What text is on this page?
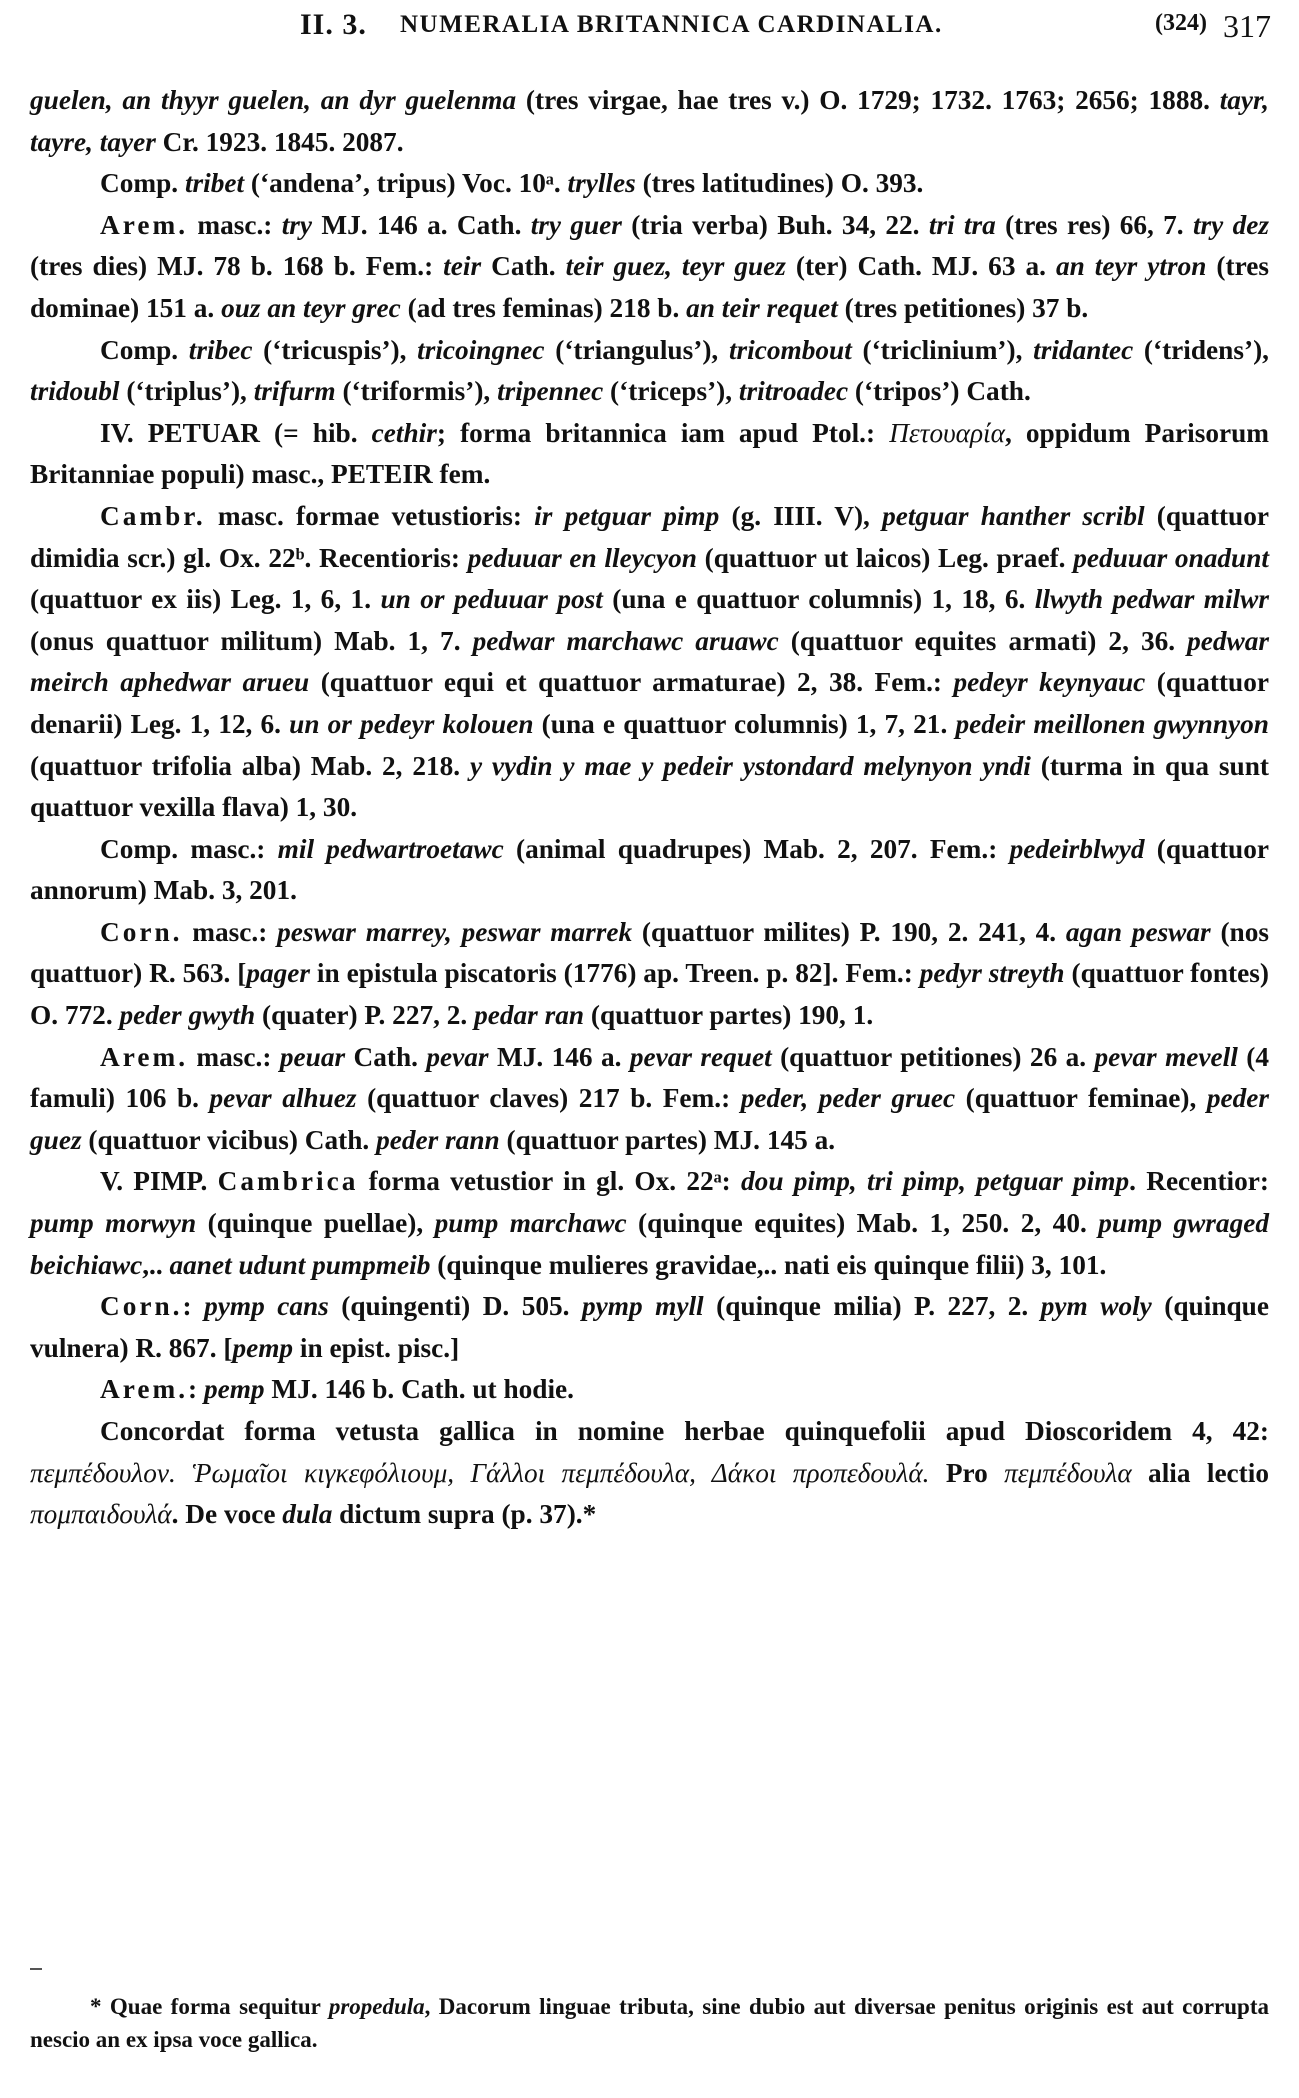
II. 3. NUMERALIA BRITANNICA CARDINALIA.	(324) 317

guelen, an thyyr guelen, an dyr guelenma (tres virgae, hae tres v.) O. 1729; 1732. 1763; 2656; 1888. tayr, tayre, tayer Cr. 1923. 1845. 2087.

Comp. tribet (‘andena’, tripus) Voc. 10ᵃ. trylles (tres latitudines) O. 393.

Arem. masc.: try MJ. 146 a. Cath. try guer (tria verba) Buh. 34, 22. tri tra (tres res) 66, 7. try dez (tres dies) MJ. 78 b. 168 b. Fem.: teir Cath. teir guez, teyr guez (ter) Cath. MJ. 63 a. an teyr ytron (tres dominae) 151 a. ouz an teyr grec (ad tres feminas) 218 b. an teir requet (tres petitiones) 37 b.

Comp. tribec (‘tricuspis’), tricoingnec (‘triangulus’), tricombout (‘triclinium’), tridantec (‘tridens’), tridoubl (‘triplus’), trifurm (‘triformis’), tripennec (‘triceps’), tritroadec (‘tripos’) Cath.

IV. PETUAR (= hib. cethir; forma britannica iam apud Ptol.: Πετουαρία, oppidum Parisorum Britanniae populi) masc., PETEIR fem.

Cambr. masc. formae vetustioris: ir petguar pimp (g. IIII. V), petguar hanther scribl (quattuor dimidia scr.) gl. Ox. 22ᵇ. Recentioris: peduuar en lleycyon (quattuor ut laicos) Leg. praef. peduuar onadunt (quattuor ex iis) Leg. 1, 6, 1. un or peduuar post (una e quattuor columnis) 1, 18, 6. llwyth pedwar milwr (onus quattuor militum) Mab. 1, 7. pedwar marchawc aruawc (quattuor equites armati) 2, 36. pedwar meirch aphedwar arueu (quattuor equi et quattuor armaturae) 2, 38. Fem.: pedeyr keynyauc (quattuor denarii) Leg. 1, 12, 6. un or pedeyr kolouen (una e quattuor columnis) 1, 7, 21. pedeir meillonen gwynnyon (quattuor trifolia alba) Mab. 2, 218. y vydin y mae y pedeir ystondard melynyon yndi (turma in qua sunt quattuor vexilla flava) 1, 30.

Comp. masc.: mil pedwartroetawc (animal quadrupes) Mab. 2, 207. Fem.: pedeirblwyd (quattuor annorum) Mab. 3, 201.

Corn. masc.: peswar marrey, peswar marrek (quattuor milites) P. 190, 2. 241, 4. agan peswar (nos quattuor) R. 563. [pager in epistula piscatoris (1776) ap. Treen. p. 82]. Fem.: pedyr streyth (quattuor fontes) O. 772. peder gwyth (quater) P. 227, 2. pedar ran (quattuor partes) 190, 1.

Arem. masc.: peuar Cath. pevar MJ. 146 a. pevar requet (quattuor petitiones) 26 a. pevar mevell (4 famuli) 106 b. pevar alhuez (quattuor claves) 217 b. Fem.: peder, peder gruec (quattuor feminae), peder guez (quattuor vicibus) Cath. peder rann (quattuor partes) MJ. 145 a.

V. PIMP. Cambrica forma vetustior in gl. Ox. 22ᵃ: dou pimp, tri pimp, petguar pimp. Recentior: pump morwyn (quinque puellae), pump marchawc (quinque equites) Mab. 1, 250. 2, 40. pump gwraged beichiawc,.. aanet udunt pumpmeib (quinque mulieres gravidae,.. nati eis quinque filii) 3, 101.

Corn.: pymp cans (quingenti) D. 505. pymp myll (quinque milia) P. 227, 2. pym woly (quinque vulnera) R. 867. [pemp in epist. pisc.]

Arem.: pemp MJ. 146 b. Cath. ut hodie.

Concordat forma vetusta gallica in nomine herbae quinquefolii apud Dioscoridem 4, 42: πεμπέδουλον. Ῥωμαῖοι κιγκεφόλιουμ, Γάλλοι πεμπέδουλα, Δάκοι προπεδουλά. Pro πεμπέδουλα alia lectio πομπαιδουλά. De voce dula dictum supra (p. 37).*

* Quae forma sequitur propedula, Dacorum linguae tributa, sine dubio aut diversae penitus originis est aut corrupta nescio an ex ipsa voce gallica.
